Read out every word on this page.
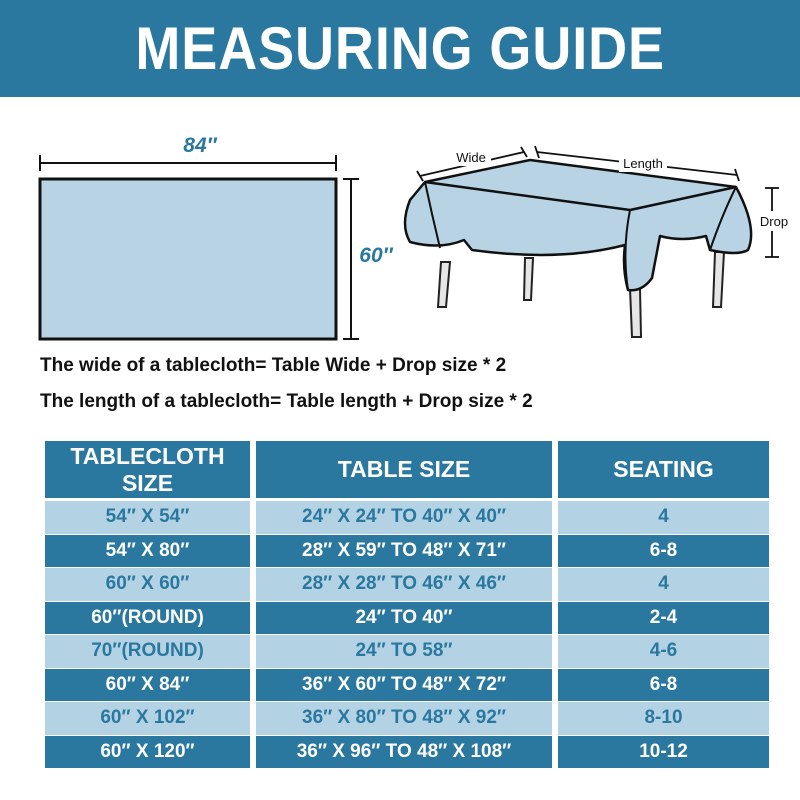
MEASURING GUIDE
84″
60″
Wide	Length
Drop

The wide of a tablecloth= Table Wide + Drop size * 2

The length of a tablecloth= Table length + Drop size * 2

TABLECLOTH SIZE	TABLE SIZE	SEATING
54″ X 54″	24″ X 24″ TO 40″ X 40″	4
54″ X 80″	28″ X 59″ TO 48″ X 71″	6-8
60″ X 60″	28″ X 28″ TO 46″ X 46″	4
60″(ROUND)	24″ TO 40″	2-4
70″(ROUND)	24″ TO 58″	4-6
60″ X 84″	36″ X 60″ TO 48″ X 72″	6-8
60″ X 102″	36″ X 80″ TO 48″ X 92″	8-10
60″ X 120″	36″ X 96″ TO 48″ X 108″	10-12
